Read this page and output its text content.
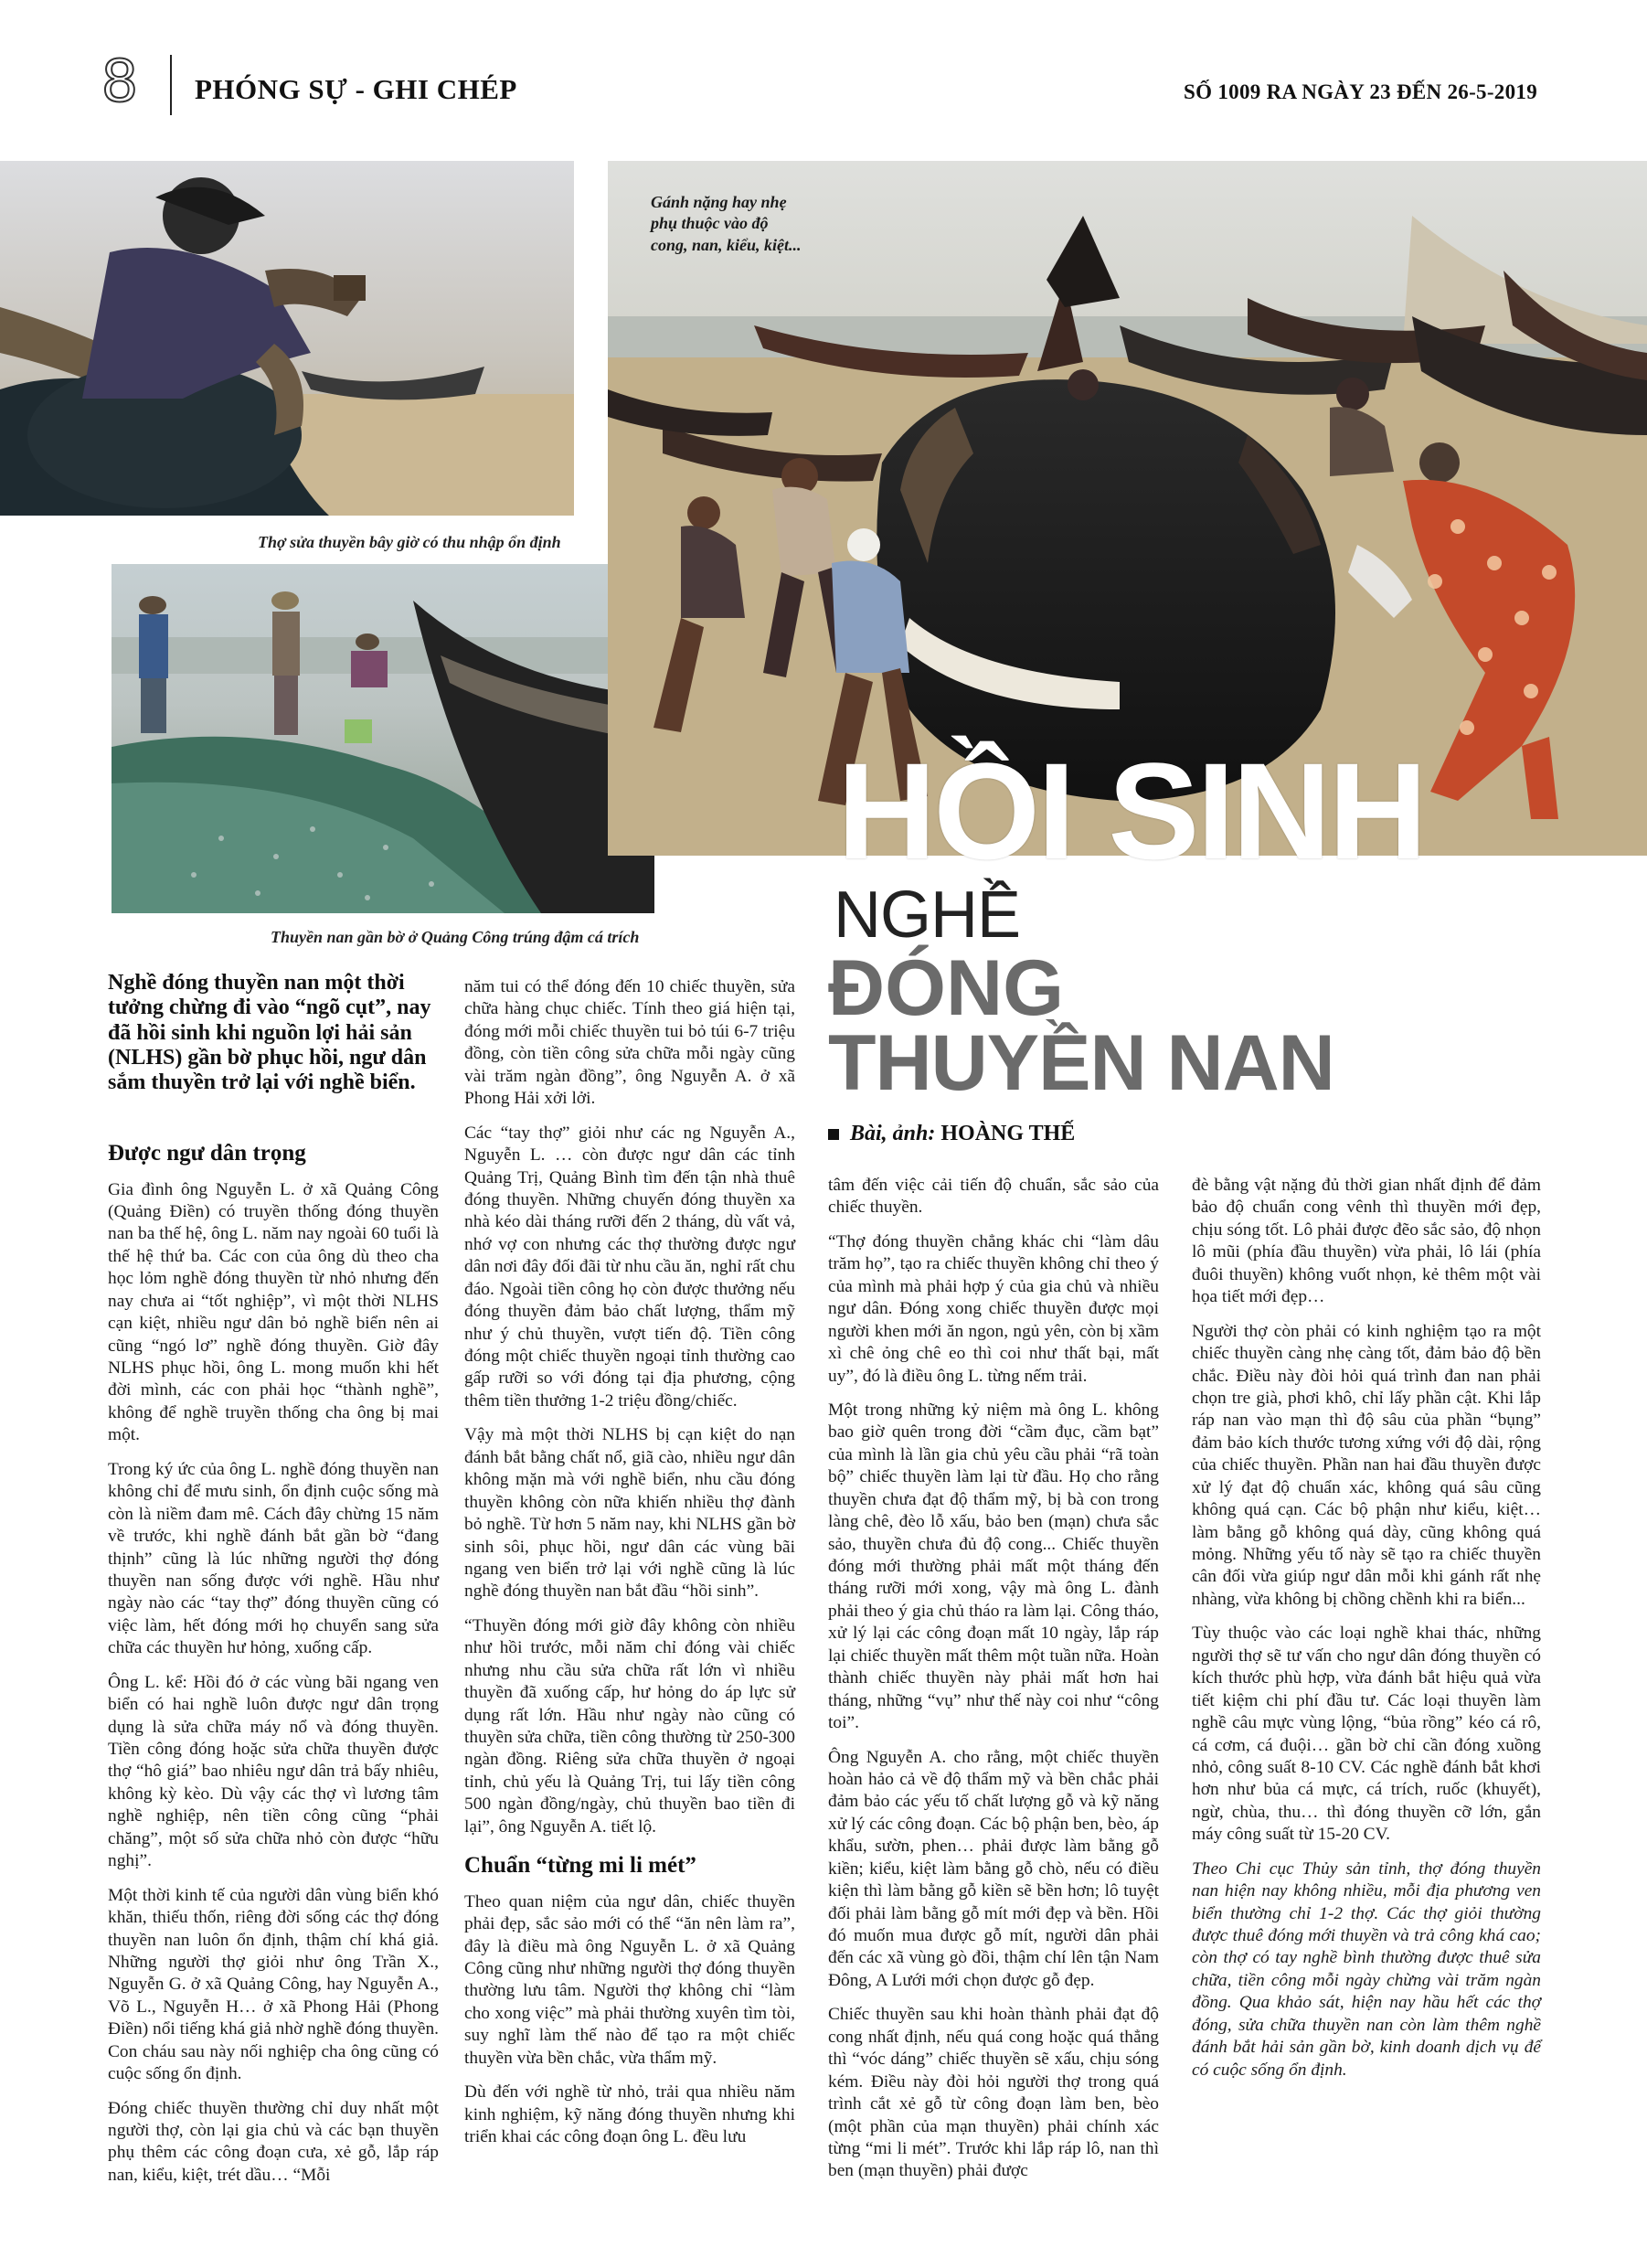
8 PHÓNG SỰ - GHI CHÉP	SỐ 1009 RA NGÀY 23 ĐẾN 26-5-2019
Thợ sửa thuyền bây giờ có thu nhập ổn định
Thuyền nan gần bờ ở Quảng Công trúng đậm cá trích
Gánh nặng hay nhẹ phụ thuộc vào độ cong, nan, kiểu, kiệt...
HỒI SINH
NGHỀ
ĐÓNG
THUYỀN NAN
Bài, ảnh: HOÀNG THẾ
Nghề đóng thuyền nan một thời tưởng chừng đi vào “ngõ cụt”, nay đã hồi sinh khi nguồn lợi hải sản (NLHS) gần bờ phục hồi, ngư dân sắm thuyền trở lại với nghề biển.
Được ngư dân trọng

Gia đình ông Nguyễn L. ở xã Quảng Công (Quảng Điền) có truyền thống đóng thuyền nan ba thế hệ, ông L. năm nay ngoài 60 tuổi là thế hệ thứ ba. Các con của ông dù theo cha học lỏm nghề đóng thuyền từ nhỏ nhưng đến nay chưa ai “tốt nghiệp”, vì một thời NLHS cạn kiệt, nhiều ngư dân bỏ nghề biển nên ai cũng “ngó lơ” nghề đóng thuyền. Giờ đây NLHS phục hồi, ông L. mong muốn khi hết đời mình, các con phải học “thành nghề”, không để nghề truyền thống cha ông bị mai một.

Trong ký ức của ông L. nghề đóng thuyền nan không chỉ để mưu sinh, ổn định cuộc sống mà còn là niềm đam mê. Cách đây chừng 15 năm về trước, khi nghề đánh bắt gần bờ “đang thịnh” cũng là lúc những người thợ đóng thuyền nan sống được với nghề. Hầu như ngày nào các “tay thợ” đóng thuyền cũng có việc làm, hết đóng mới họ chuyển sang sửa chữa các thuyền hư hỏng, xuống cấp.

Ông L. kể: Hồi đó ở các vùng bãi ngang ven biển có hai nghề luôn được ngư dân trọng dụng là sửa chữa máy nổ và đóng thuyền. Tiền công đóng hoặc sửa chữa thuyền được thợ “hô giá” bao nhiêu ngư dân trả bấy nhiêu, không kỳ kèo. Dù vậy các thợ vì lương tâm nghề nghiệp, nên tiền công cũng “phải chăng”, một số sửa chữa nhỏ còn được “hữu nghị”.

Một thời kinh tế của người dân vùng biển khó khăn, thiếu thốn, riêng đời sống các thợ đóng thuyền nan luôn ổn định, thậm chí khá giả. Những người thợ giỏi như ông Trần X., Nguyễn G. ở xã Quảng Công, hay Nguyễn A., Võ L., Nguyễn H… ở xã Phong Hải (Phong Điền) nổi tiếng khá giả nhờ nghề đóng thuyền. Con cháu sau này nối nghiệp cha ông cũng có cuộc sống ổn định.

Đóng chiếc thuyền thường chỉ duy nhất một người thợ, còn lại gia chủ và các bạn thuyền phụ thêm các công đoạn cưa, xẻ gỗ, lắp ráp nan, kiểu, kiệt, trét dầu… “Mỗi

năm tui có thể đóng đến 10 chiếc thuyền, sửa chữa hàng chục chiếc. Tính theo giá hiện tại, đóng mới mỗi chiếc thuyền tui bỏ túi 6-7 triệu đồng, còn tiền công sửa chữa mỗi ngày cũng vài trăm ngàn đồng”, ông Nguyễn A. ở xã Phong Hải xởi lởi.

Các “tay thợ” giỏi như các ng Nguyễn A., Nguyễn L. … còn được ngư dân các tỉnh Quảng Trị, Quảng Bình tìm đến tận nhà thuê đóng thuyền. Những chuyến đóng thuyền xa nhà kéo dài tháng rưỡi đến 2 tháng, dù vất vả, nhớ vợ con nhưng các thợ thường được ngư dân nơi đây đối đãi từ nhu cầu ăn, nghỉ rất chu đáo. Ngoài tiền công họ còn được thưởng nếu đóng thuyền đảm bảo chất lượng, thẩm mỹ như ý chủ thuyền, vượt tiến độ. Tiền công đóng một chiếc thuyền ngoại tỉnh thường cao gấp rưỡi so với đóng tại địa phương, cộng thêm tiền thưởng 1-2 triệu đồng/chiếc.

Vậy mà một thời NLHS bị cạn kiệt do nạn đánh bắt bằng chất nổ, giã cào, nhiều ngư dân không mặn mà với nghề biển, nhu cầu đóng thuyền không còn nữa khiến nhiều thợ đành bỏ nghề. Từ hơn 5 năm nay, khi NLHS gần bờ sinh sôi, phục hồi, ngư dân các vùng bãi ngang ven biển trở lại với nghề cũng là lúc nghề đóng thuyền nan bắt đầu “hồi sinh”.

“Thuyền đóng mới giờ đây không còn nhiều như hồi trước, mỗi năm chỉ đóng vài chiếc nhưng nhu cầu sửa chữa rất lớn vì nhiều thuyền đã xuống cấp, hư hỏng do áp lực sử dụng rất lớn. Hầu như ngày nào cũng có thuyền sửa chữa, tiền công thường từ 250-300 ngàn đồng. Riêng sửa chữa thuyền ở ngoại tỉnh, chủ yếu là Quảng Trị, tui lấy tiền công 500 ngàn đồng/ngày, chủ thuyền bao tiền đi lại”, ông Nguyễn A. tiết lộ.

Chuẩn “từng mi li mét”

Theo quan niệm của ngư dân, chiếc thuyền phải đẹp, sắc sảo mới có thể “ăn nên làm ra”, đây là điều mà ông Nguyễn L. ở xã Quảng Công cũng như những người thợ đóng thuyền thường lưu tâm. Người thợ không chỉ “làm cho xong việc” mà phải thường xuyên tìm tòi, suy nghĩ làm thế nào để tạo ra một chiếc thuyền vừa bền chắc, vừa thẩm mỹ.

Dù đến với nghề từ nhỏ, trải qua nhiều năm kinh nghiệm, kỹ năng đóng thuyền nhưng khi triển khai các công đoạn ông L. đều lưu

tâm đến việc cải tiến độ chuẩn, sắc sảo của chiếc thuyền.

“Thợ đóng thuyền chẳng khác chi “làm dâu trăm họ”, tạo ra chiếc thuyền không chỉ theo ý của mình mà phải hợp ý của gia chủ và nhiều ngư dân. Đóng xong chiếc thuyền được mọi người khen mới ăn ngon, ngủ yên, còn bị xầm xì chê ỏng chê eo thì coi như thất bại, mất uy”, đó là điều ông L. từng nếm trải.

Một trong những kỷ niệm mà ông L. không bao giờ quên trong đời “cầm đục, cầm bạt” của mình là lần gia chủ yêu cầu phải “rã toàn bộ” chiếc thuyền làm lại từ đầu. Họ cho rằng thuyền chưa đạt độ thẩm mỹ, bị bà con trong làng chê, đèo lỗ xấu, bảo ben (mạn) chưa sắc sảo, thuyền chưa đủ độ cong... Chiếc thuyền đóng mới thường phải mất một tháng đến tháng rưỡi mới xong, vậy mà ông L. đành phải theo ý gia chủ tháo ra làm lại. Công tháo, xử lý lại các công đoạn mất 10 ngày, lắp ráp lại chiếc thuyền mất thêm một tuần nữa. Hoàn thành chiếc thuyền này phải mất hơn hai tháng, những “vụ” như thế này coi như “công toi”.

Ông Nguyễn A. cho rằng, một chiếc thuyền hoàn hảo cả về độ thẩm mỹ và bền chắc phải đảm bảo các yếu tố chất lượng gỗ và kỹ năng xử lý các công đoạn. Các bộ phận ben, bèo, áp khẩu, sườn, phen… phải được làm bằng gỗ kiền; kiểu, kiệt làm bằng gỗ chò, nếu có điều kiện thì làm bằng gỗ kiền sẽ bền hơn; lô tuyệt đối phải làm bằng gỗ mít mới đẹp và bền. Hồi đó muốn mua được gỗ mít, người dân phải đến các xã vùng gò đồi, thậm chí lên tận Nam Đông, A Lưới mới chọn được gỗ đẹp.

Chiếc thuyền sau khi hoàn thành phải đạt độ cong nhất định, nếu quá cong hoặc quá thẳng thì “vóc dáng” chiếc thuyền sẽ xấu, chịu sóng kém. Điều này đòi hỏi người thợ trong quá trình cắt xẻ gỗ từ công đoạn làm ben, bèo (một phần của mạn thuyền) phải chính xác từng “mi li mét”. Trước khi lắp ráp lô, nan thì ben (mạn thuyền) phải được

đè bằng vật nặng đủ thời gian nhất định để đảm bảo độ chuẩn cong vênh thì thuyền mới đẹp, chịu sóng tốt. Lô phải được đẽo sắc sảo, độ nhọn lô mũi (phía đầu thuyền) vừa phải, lô lái (phía đuôi thuyền) không vuốt nhọn, kẻ thêm một vài họa tiết mới đẹp…

Người thợ còn phải có kinh nghiệm tạo ra một chiếc thuyền càng nhẹ càng tốt, đảm bảo độ bền chắc. Điều này đòi hỏi quá trình đan nan phải chọn tre già, phơi khô, chỉ lấy phần cật. Khi lắp ráp nan vào mạn thì độ sâu của phần “bụng” đảm bảo kích thước tương xứng với độ dài, rộng của chiếc thuyền. Phần nan hai đầu thuyền được xử lý đạt độ chuẩn xác, không quá sâu cũng không quá cạn. Các bộ phận như kiểu, kiệt… làm bằng gỗ không quá dày, cũng không quá mỏng. Những yếu tố này sẽ tạo ra chiếc thuyền cân đối vừa giúp ngư dân mỗi khi gánh rất nhẹ nhàng, vừa không bị chồng chềnh khi ra biển...

Tùy thuộc vào các loại nghề khai thác, những người thợ sẽ tư vấn cho ngư dân đóng thuyền có kích thước phù hợp, vừa đánh bắt hiệu quả vừa tiết kiệm chi phí đầu tư. Các loại thuyền làm nghề câu mực vùng lộng, “bủa rồng” kéo cá rô, cá cơm, cá đuội… gần bờ chỉ cần đóng xuồng nhỏ, công suất 8-10 CV. Các nghề đánh bắt khơi hơn như bủa cá mực, cá trích, ruốc (khuyết), ngừ, chùa, thu… thì đóng thuyền cỡ lớn, gắn máy công suất từ 15-20 CV.

Theo Chi cục Thủy sản tỉnh, thợ đóng thuyền nan hiện nay không nhiều, mỗi địa phương ven biển thường chỉ 1-2 thợ. Các thợ giỏi thường được thuê đóng mới thuyền và trả công khá cao; còn thợ có tay nghề bình thường được thuê sửa chữa, tiền công mỗi ngày chừng vài trăm ngàn đồng. Qua khảo sát, hiện nay hầu hết các thợ đóng, sửa chữa thuyền nan còn làm thêm nghề đánh bắt hải sản gần bờ, kinh doanh dịch vụ để có cuộc sống ổn định.
